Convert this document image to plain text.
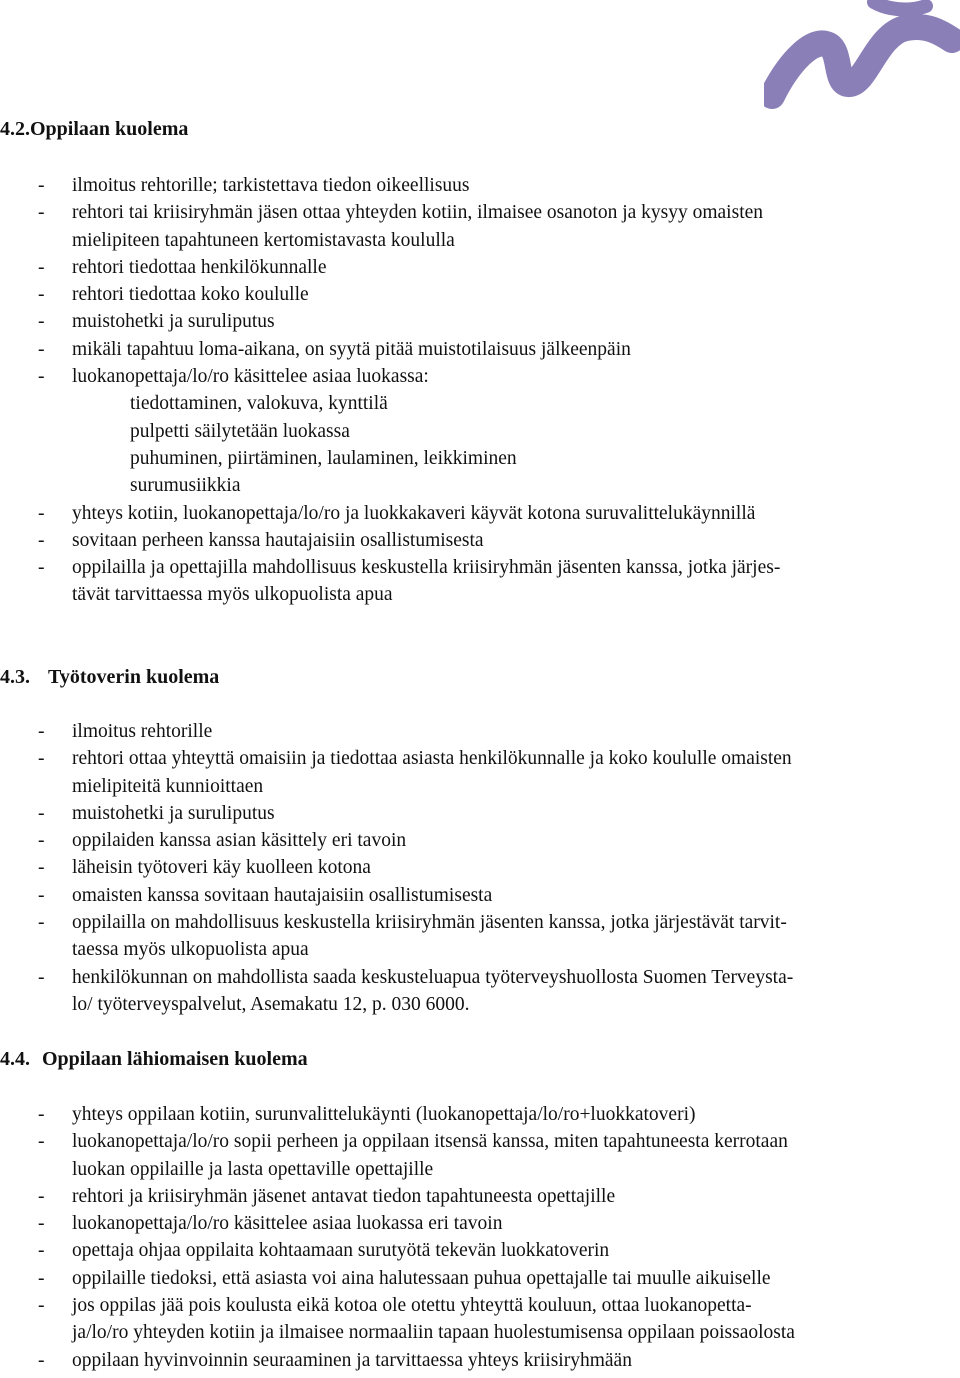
4.2.Oppilaan kuolema
- ilmoitus rehtorille; tarkistettava tiedon oikeellisuus
- rehtori tai kriisiryhmän jäsen ottaa yhteyden kotiin, ilmaisee osanoton ja kysyy omaisten
mielipiteen tapahtuneen kertomistavasta koululla
- rehtori tiedottaa henkilökunnalle
- rehtori tiedottaa koko koululle
- muistohetki ja suruliputus
- mikäli tapahtuu loma-aikana, on syytä pitää muistotilaisuus jälkeenpäin
- luokanopettaja/lo/ro käsittelee asiaa luokassa:
tiedottaminen, valokuva, kynttilä
pulpetti säilytetään luokassa
puhuminen, piirtäminen, laulaminen, leikkiminen
surumusiikkia
- yhteys kotiin, luokanopettaja/lo/ro ja luokkakaveri käyvät kotona suruvalittelukäynnillä
- sovitaan perheen kanssa hautajaisiin osallistumisesta
- oppilailla ja opettajilla mahdollisuus keskustella kriisiryhmän jäsenten kanssa, jotka järjes-
tävät tarvittaessa myös ulkopuolista apua
4.3. Työtoverin kuolema
- ilmoitus rehtorille
- rehtori ottaa yhteyttä omaisiin ja tiedottaa asiasta henkilökunnalle ja koko koululle omaisten
mielipiteitä kunnioittaen
- muistohetki ja suruliputus
- oppilaiden kanssa asian käsittely eri tavoin
- läheisin työtoveri käy kuolleen kotona
- omaisten kanssa sovitaan hautajaisiin osallistumisesta
- oppilailla on mahdollisuus keskustella kriisiryhmän jäsenten kanssa, jotka järjestävät tarvit-
taessa myös ulkopuolista apua
- henkilökunnan on mahdollista saada keskusteluapua työterveyshuollosta Suomen Terveysta-
lo/ työterveyspalvelut, Asemakatu 12, p. 030 6000.
4.4. Oppilaan lähiomaisen kuolema
- yhteys oppilaan kotiin, surunvalittelukäynti (luokanopettaja/lo/ro+luokkatoveri)
- luokanopettaja/lo/ro sopii perheen ja oppilaan itsensä kanssa, miten tapahtuneesta kerrotaan
luokan oppilaille ja lasta opettaville opettajille
- rehtori ja kriisiryhmän jäsenet antavat tiedon tapahtuneesta opettajille
- luokanopettaja/lo/ro käsittelee asiaa luokassa eri tavoin
- opettaja ohjaa oppilaita kohtaamaan surutyötä tekevän luokkatoverin
- oppilaille tiedoksi, että asiasta voi aina halutessaan puhua opettajalle tai muulle aikuiselle
- jos oppilas jää pois koulusta eikä kotoa ole otettu yhteyttä kouluun, ottaa luokanopetta-
ja/lo/ro yhteyden kotiin ja ilmaisee normaaliin tapaan huolestumisensa oppilaan poissaolosta
- oppilaan hyvinvoinnin seuraaminen ja tarvittaessa yhteys kriisiryhmään
